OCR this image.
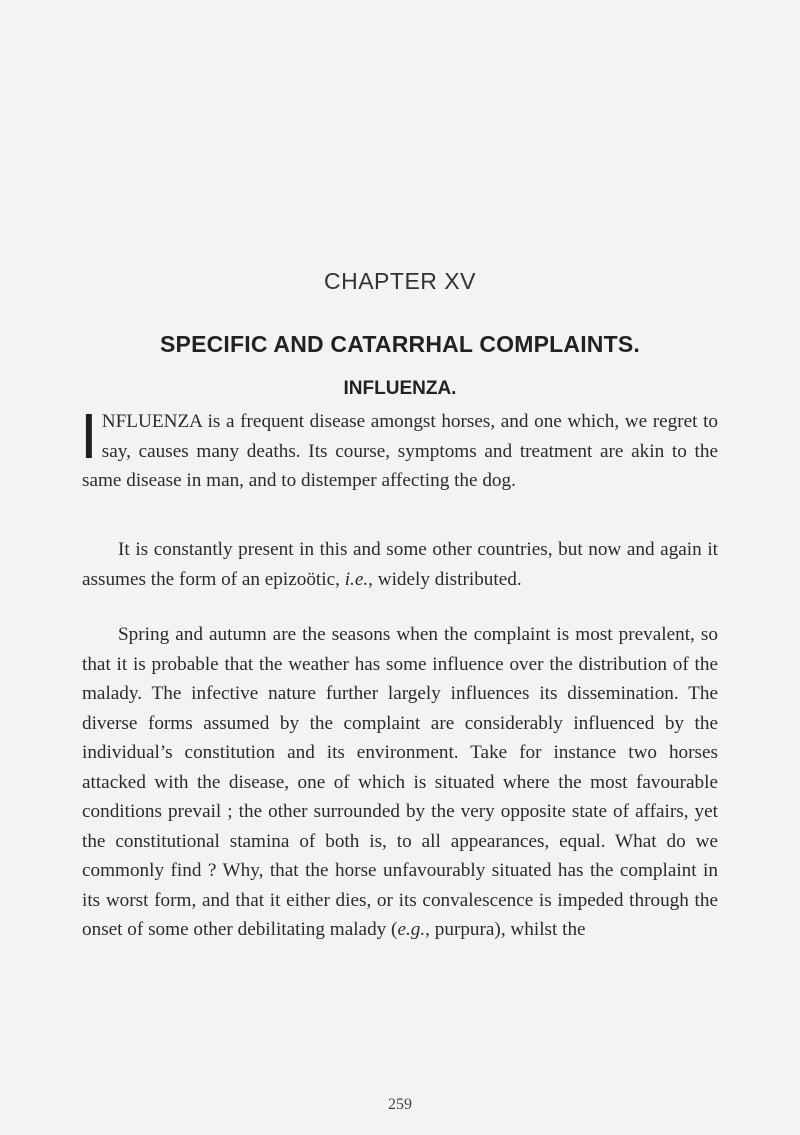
CHAPTER XV
SPECIFIC AND CATARRHAL COMPLAINTS.
INFLUENZA.
INFLUENZA is a frequent disease amongst horses, and one which, we regret to say, causes many deaths. Its course, symptoms and treatment are akin to the same disease in man, and to distemper affecting the dog.
It is constantly present in this and some other countries, but now and again it assumes the form of an epizoötic, i.e., widely distributed.
Spring and autumn are the seasons when the complaint is most prevalent, so that it is probable that the weather has some influence over the distribution of the malady. The infective nature further largely influences its dissemination. The diverse forms assumed by the complaint are considerably influenced by the individual’s constitution and its environment. Take for instance two horses attacked with the disease, one of which is situated where the most favourable conditions prevail ; the other surrounded by the very opposite state of affairs, yet the constitutional stamina of both is, to all appearances, equal. What do we commonly find ? Why, that the horse unfavourably situated has the complaint in its worst form, and that it either dies, or its convalescence is impeded through the onset of some other debilitating malady (e.g., purpura), whilst the
259
